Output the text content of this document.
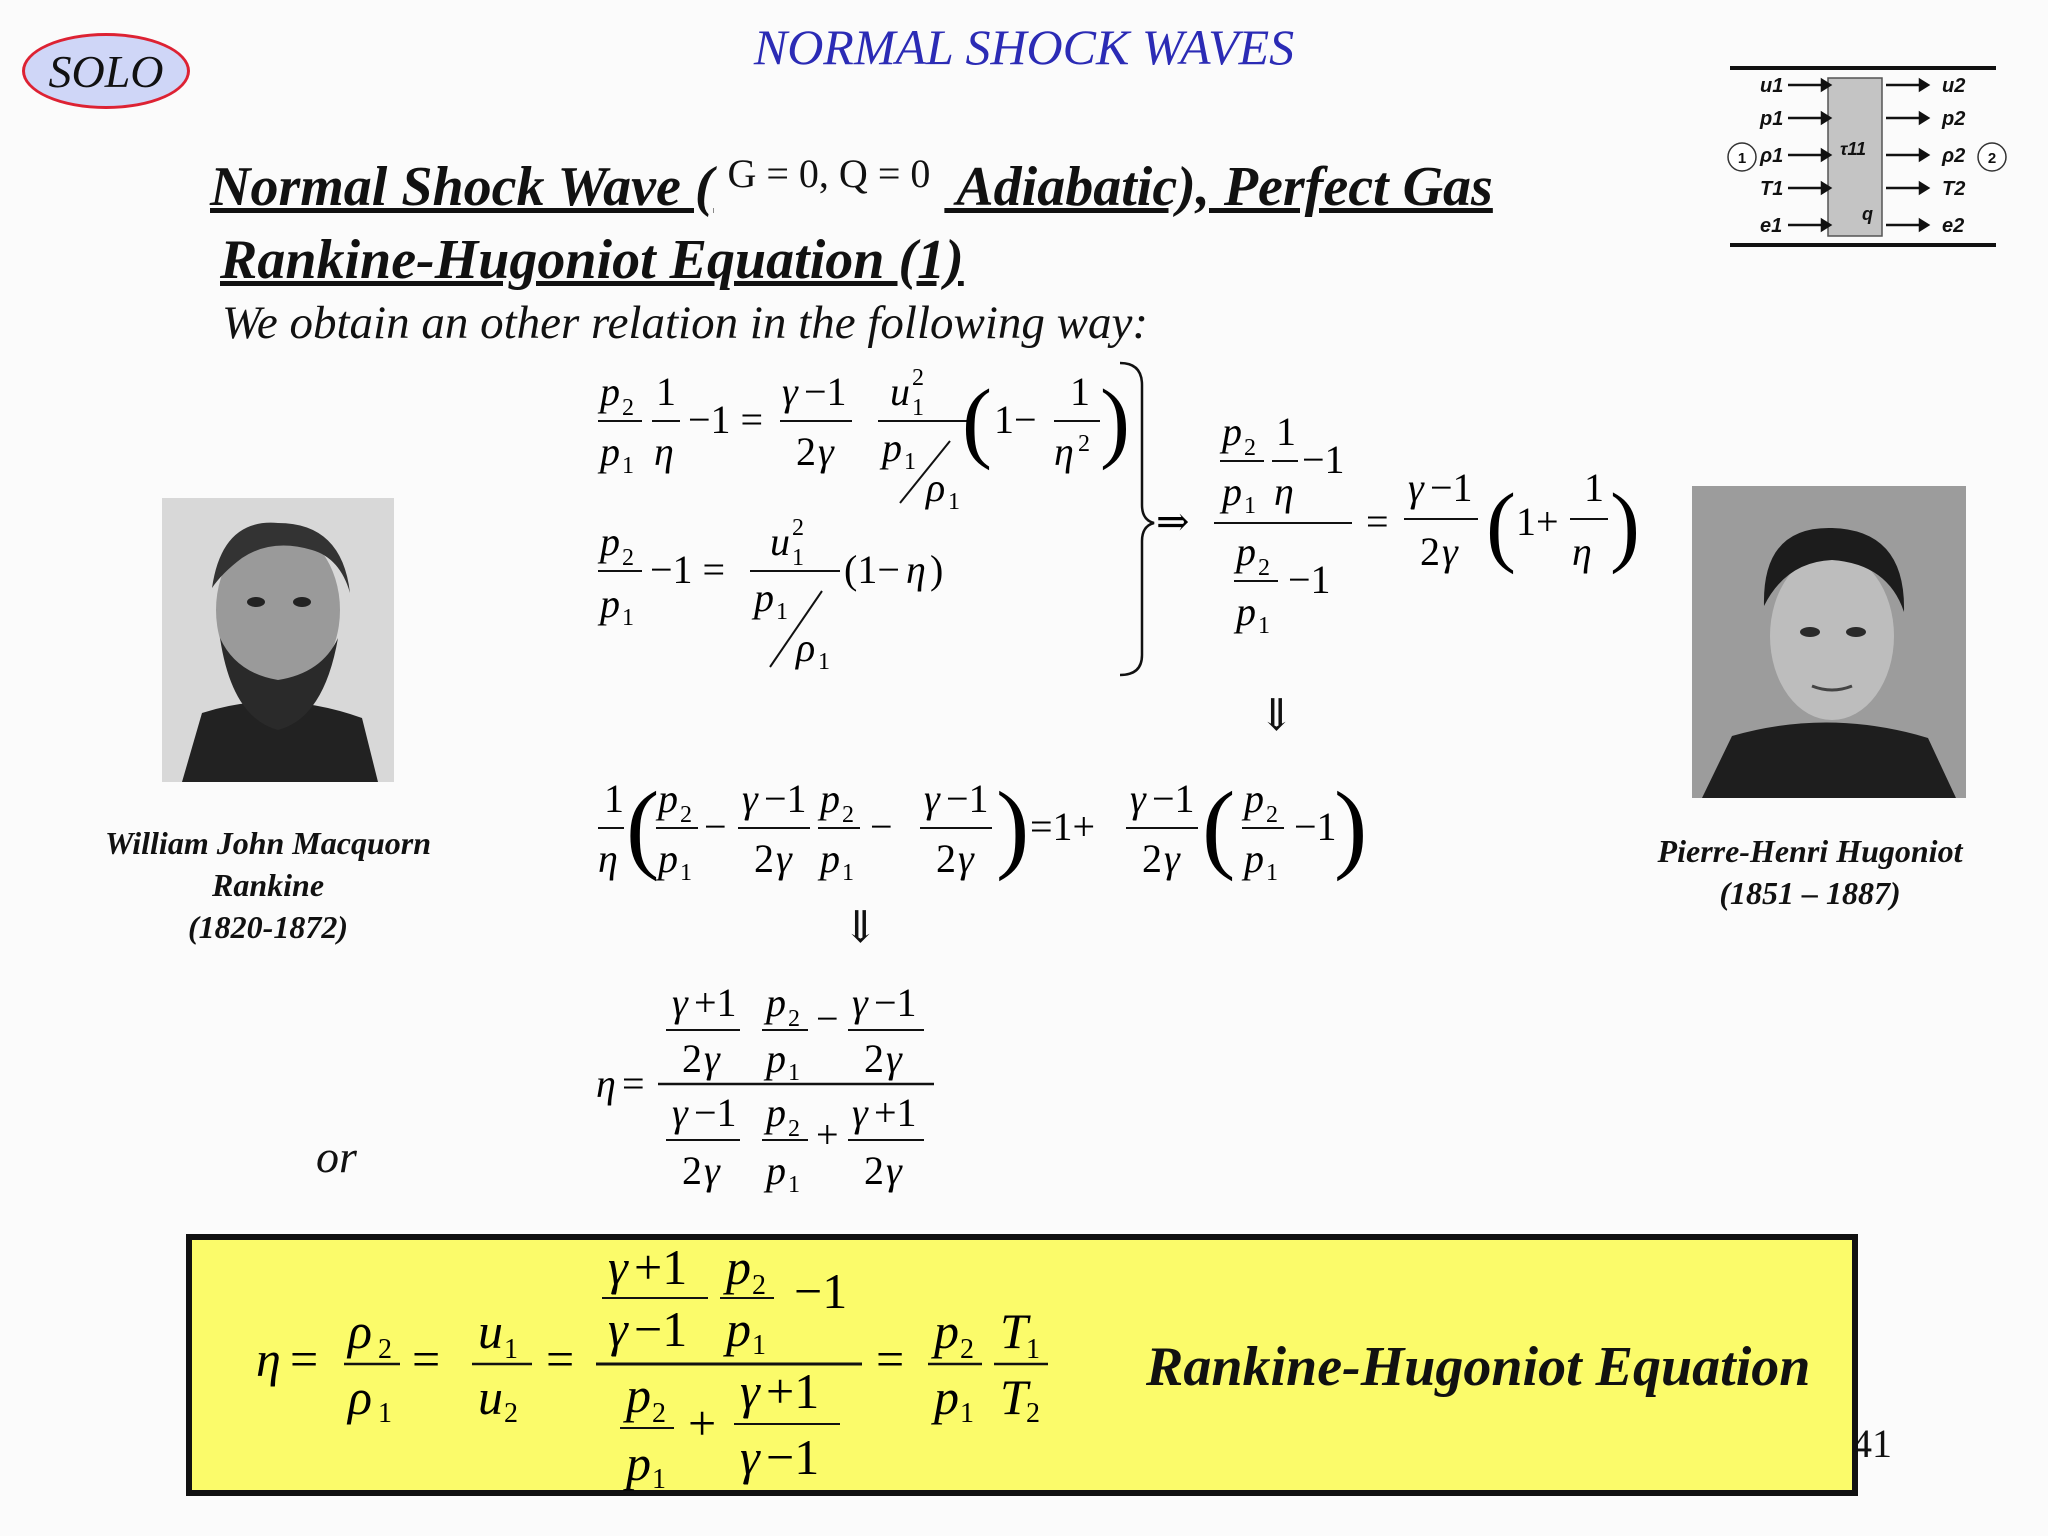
SOLO	NORMAL SHOCK WAVES
1	2
u1
p1
ρ1
T1
e1
u2
p2
ρ2
T2
e2
τ11
q
Normal Shock Wave ( G = 0, Q = 0 Adiabatic), Perfect Gas
Rankine-Hugoniot Equation (1)
We obtain an other relation in the following way:
William John Macquorn
Rankine
(1820-1872)
Pierre-Henri Hugoniot
(1851 – 1887)
p 2
p 1
1
η
−1 =
γ −1
2 γ
u 1
2
p 1
ρ 1
( 1−
1
η 2 )
p 2
p 1
−1 =
u 1
2
p 1
ρ 1
(1− η )
⇒
p 2
p 1
1
η
−1
p 2
p 1
−1
=
γ −1
2 γ ( 1+
1
η )
⇓
1
η (
p 2
p 1
−
γ −1
2 γ
p 2
p 1
−
γ −1
2 γ ) =1+
γ −1
2 γ ( p 2
p 1
−1
)
⇓
η =
γ +1
2 γ
p 2
p 1
− γ −1
2 γ
γ −1
2 γ
p 2
p 1
+ γ +1
2 γ
or
η = ρ 2
ρ 1
= u 1
u 2
=
γ +1
γ −1
p 2
p 1
−1
p 2
p 1
+
γ +1
γ −1
= p 2
p 1
T
1
T
2
Rankine-Hugoniot Equation
41
